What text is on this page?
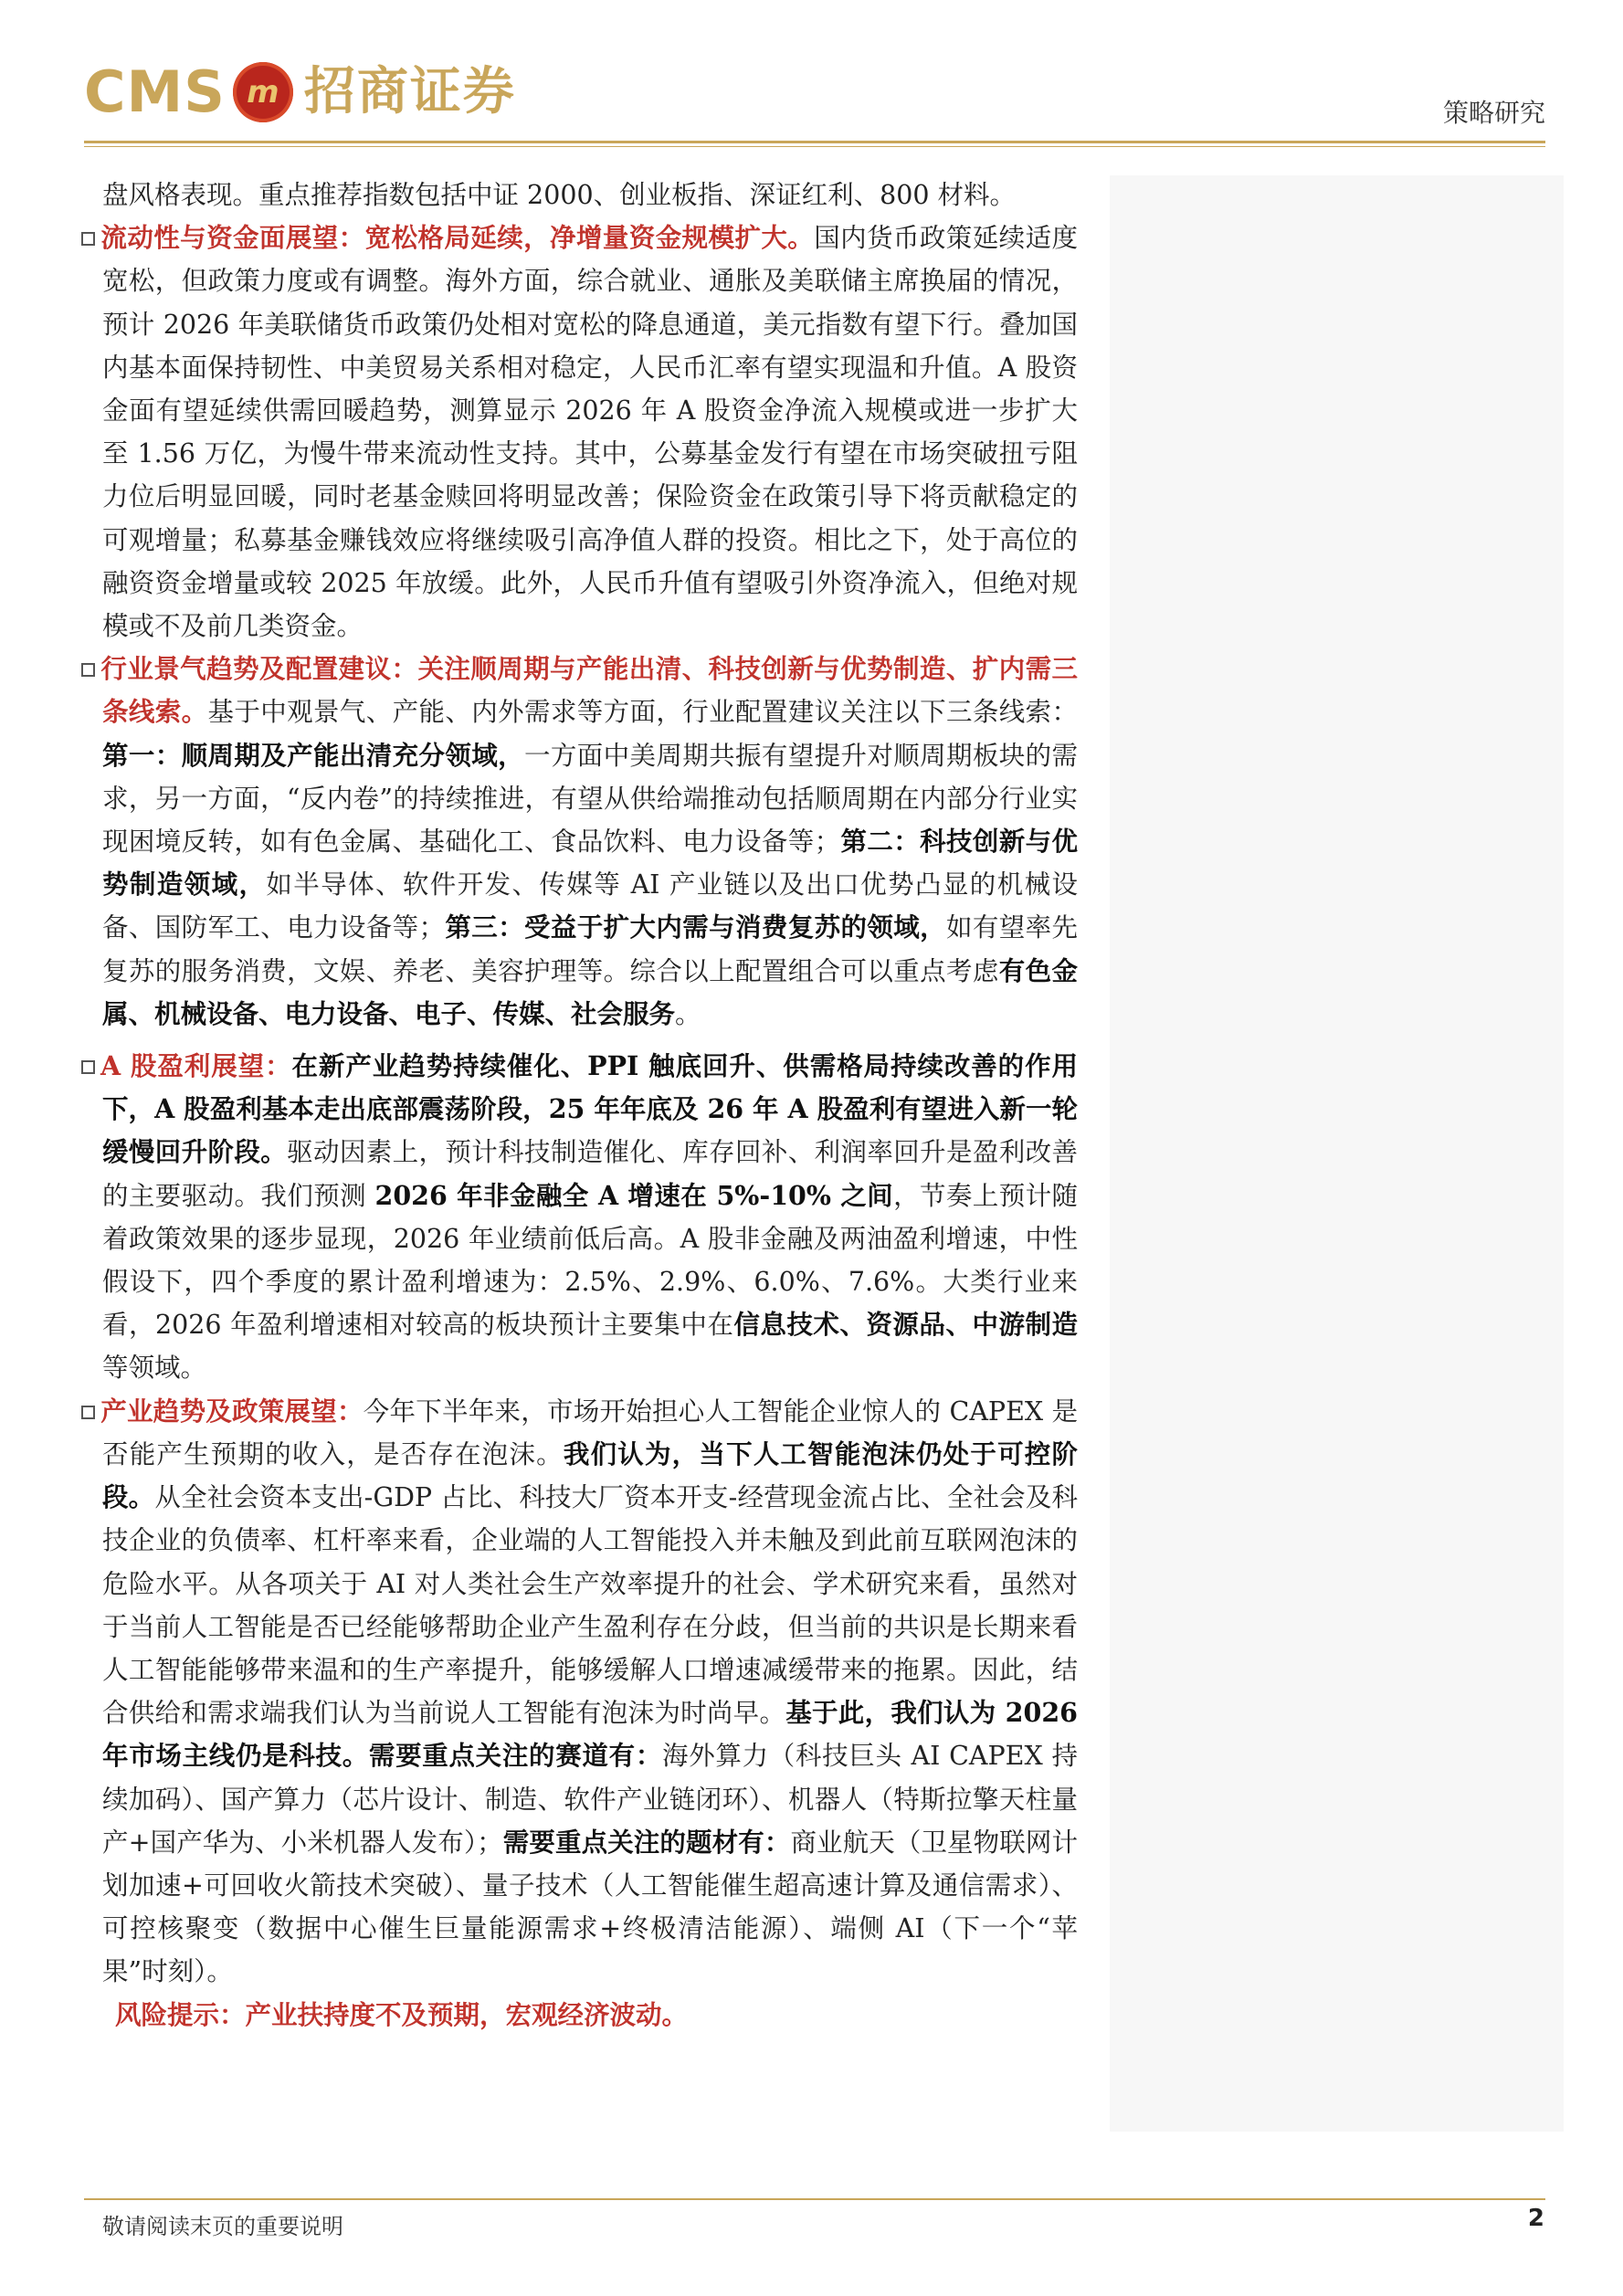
CMS m 招商证券	策略研究

盘风格表现。重点推荐指数包括中证 2000、创业板指、深证红利、800 材料。

流动性与资金面展望：宽松格局延续，净增量资金规模扩大。国内货币政策延续适度宽松，但政策力度或有调整。海外方面，综合就业、通胀及美联储主席换届的情况，预计 2026 年美联储货币政策仍处相对宽松的降息通道，美元指数有望下行。叠加国内基本面保持韧性、中美贸易关系相对稳定，人民币汇率有望实现温和升值。A 股资金面有望延续供需回暖趋势，测算显示 2026 年 A 股资金净流入规模或进一步扩大至 1.56 万亿，为慢牛带来流动性支持。其中，公募基金发行有望在市场突破扭亏阻力位后明显回暖，同时老基金赎回将明显改善；保险资金在政策引导下将贡献稳定的可观增量；私募基金赚钱效应将继续吸引高净值人群的投资。相比之下，处于高位的融资资金增量或较 2025 年放缓。此外，人民币升值有望吸引外资净流入，但绝对规模或不及前几类资金。

行业景气趋势及配置建议：关注顺周期与产能出清、科技创新与优势制造、扩内需三条线索。基于中观景气、产能、内外需求等方面，行业配置建议关注以下三条线索：第一：顺周期及产能出清充分领域，一方面中美周期共振有望提升对顺周期板块的需求，另一方面，“反内卷”的持续推进，有望从供给端推动包括顺周期在内部分行业实现困境反转，如有色金属、基础化工、食品饮料、电力设备等；第二：科技创新与优势制造领域，如半导体、软件开发、传媒等 AI 产业链以及出口优势凸显的机械设备、国防军工、电力设备等；第三：受益于扩大内需与消费复苏的领域，如有望率先复苏的服务消费，文娱、养老、美容护理等。综合以上配置组合可以重点考虑有色金属、机械设备、电力设备、电子、传媒、社会服务。

A 股盈利展望：在新产业趋势持续催化、PPI 触底回升、供需格局持续改善的作用下，A 股盈利基本走出底部震荡阶段，25 年年底及 26 年 A 股盈利有望进入新一轮缓慢回升阶段。驱动因素上，预计科技制造催化、库存回补、利润率回升是盈利改善的主要驱动。我们预测 2026 年非金融全 A 增速在 5%-10% 之间，节奏上预计随着政策效果的逐步显现，2026 年业绩前低后高。A 股非金融及两油盈利增速，中性假设下，四个季度的累计盈利增速为：2.5%、2.9%、6.0%、7.6%。大类行业来看，2026 年盈利增速相对较高的板块预计主要集中在信息技术、资源品、中游制造等领域。

产业趋势及政策展望：今年下半年来，市场开始担心人工智能企业惊人的 CAPEX 是否能产生预期的收入，是否存在泡沫。我们认为，当下人工智能泡沫仍处于可控阶段。从全社会资本支出-GDP 占比、科技大厂资本开支-经营现金流占比、全社会及科技企业的负债率、杠杆率来看，企业端的人工智能投入并未触及到此前互联网泡沫的危险水平。从各项关于 AI 对人类社会生产效率提升的社会、学术研究来看，虽然对于当前人工智能是否已经能够帮助企业产生盈利存在分歧，但当前的共识是长期来看人工智能能够带来温和的生产率提升，能够缓解人口增速减缓带来的拖累。因此，结合供给和需求端我们认为当前说人工智能有泡沫为时尚早。基于此，我们认为 2026 年市场主线仍是科技。需要重点关注的赛道有：海外算力（科技巨头 AI CAPEX 持续加码）、国产算力（芯片设计、制造、软件产业链闭环）、机器人（特斯拉擎天柱量产+国产华为、小米机器人发布）；需要重点关注的题材有：商业航天（卫星物联网计划加速+可回收火箭技术突破）、量子技术（人工智能催生超高速计算及通信需求）、可控核聚变（数据中心催生巨量能源需求+终极清洁能源）、端侧 AI（下一个“苹果”时刻）。

风险提示：产业扶持度不及预期，宏观经济波动。

敬请阅读末页的重要说明	2
